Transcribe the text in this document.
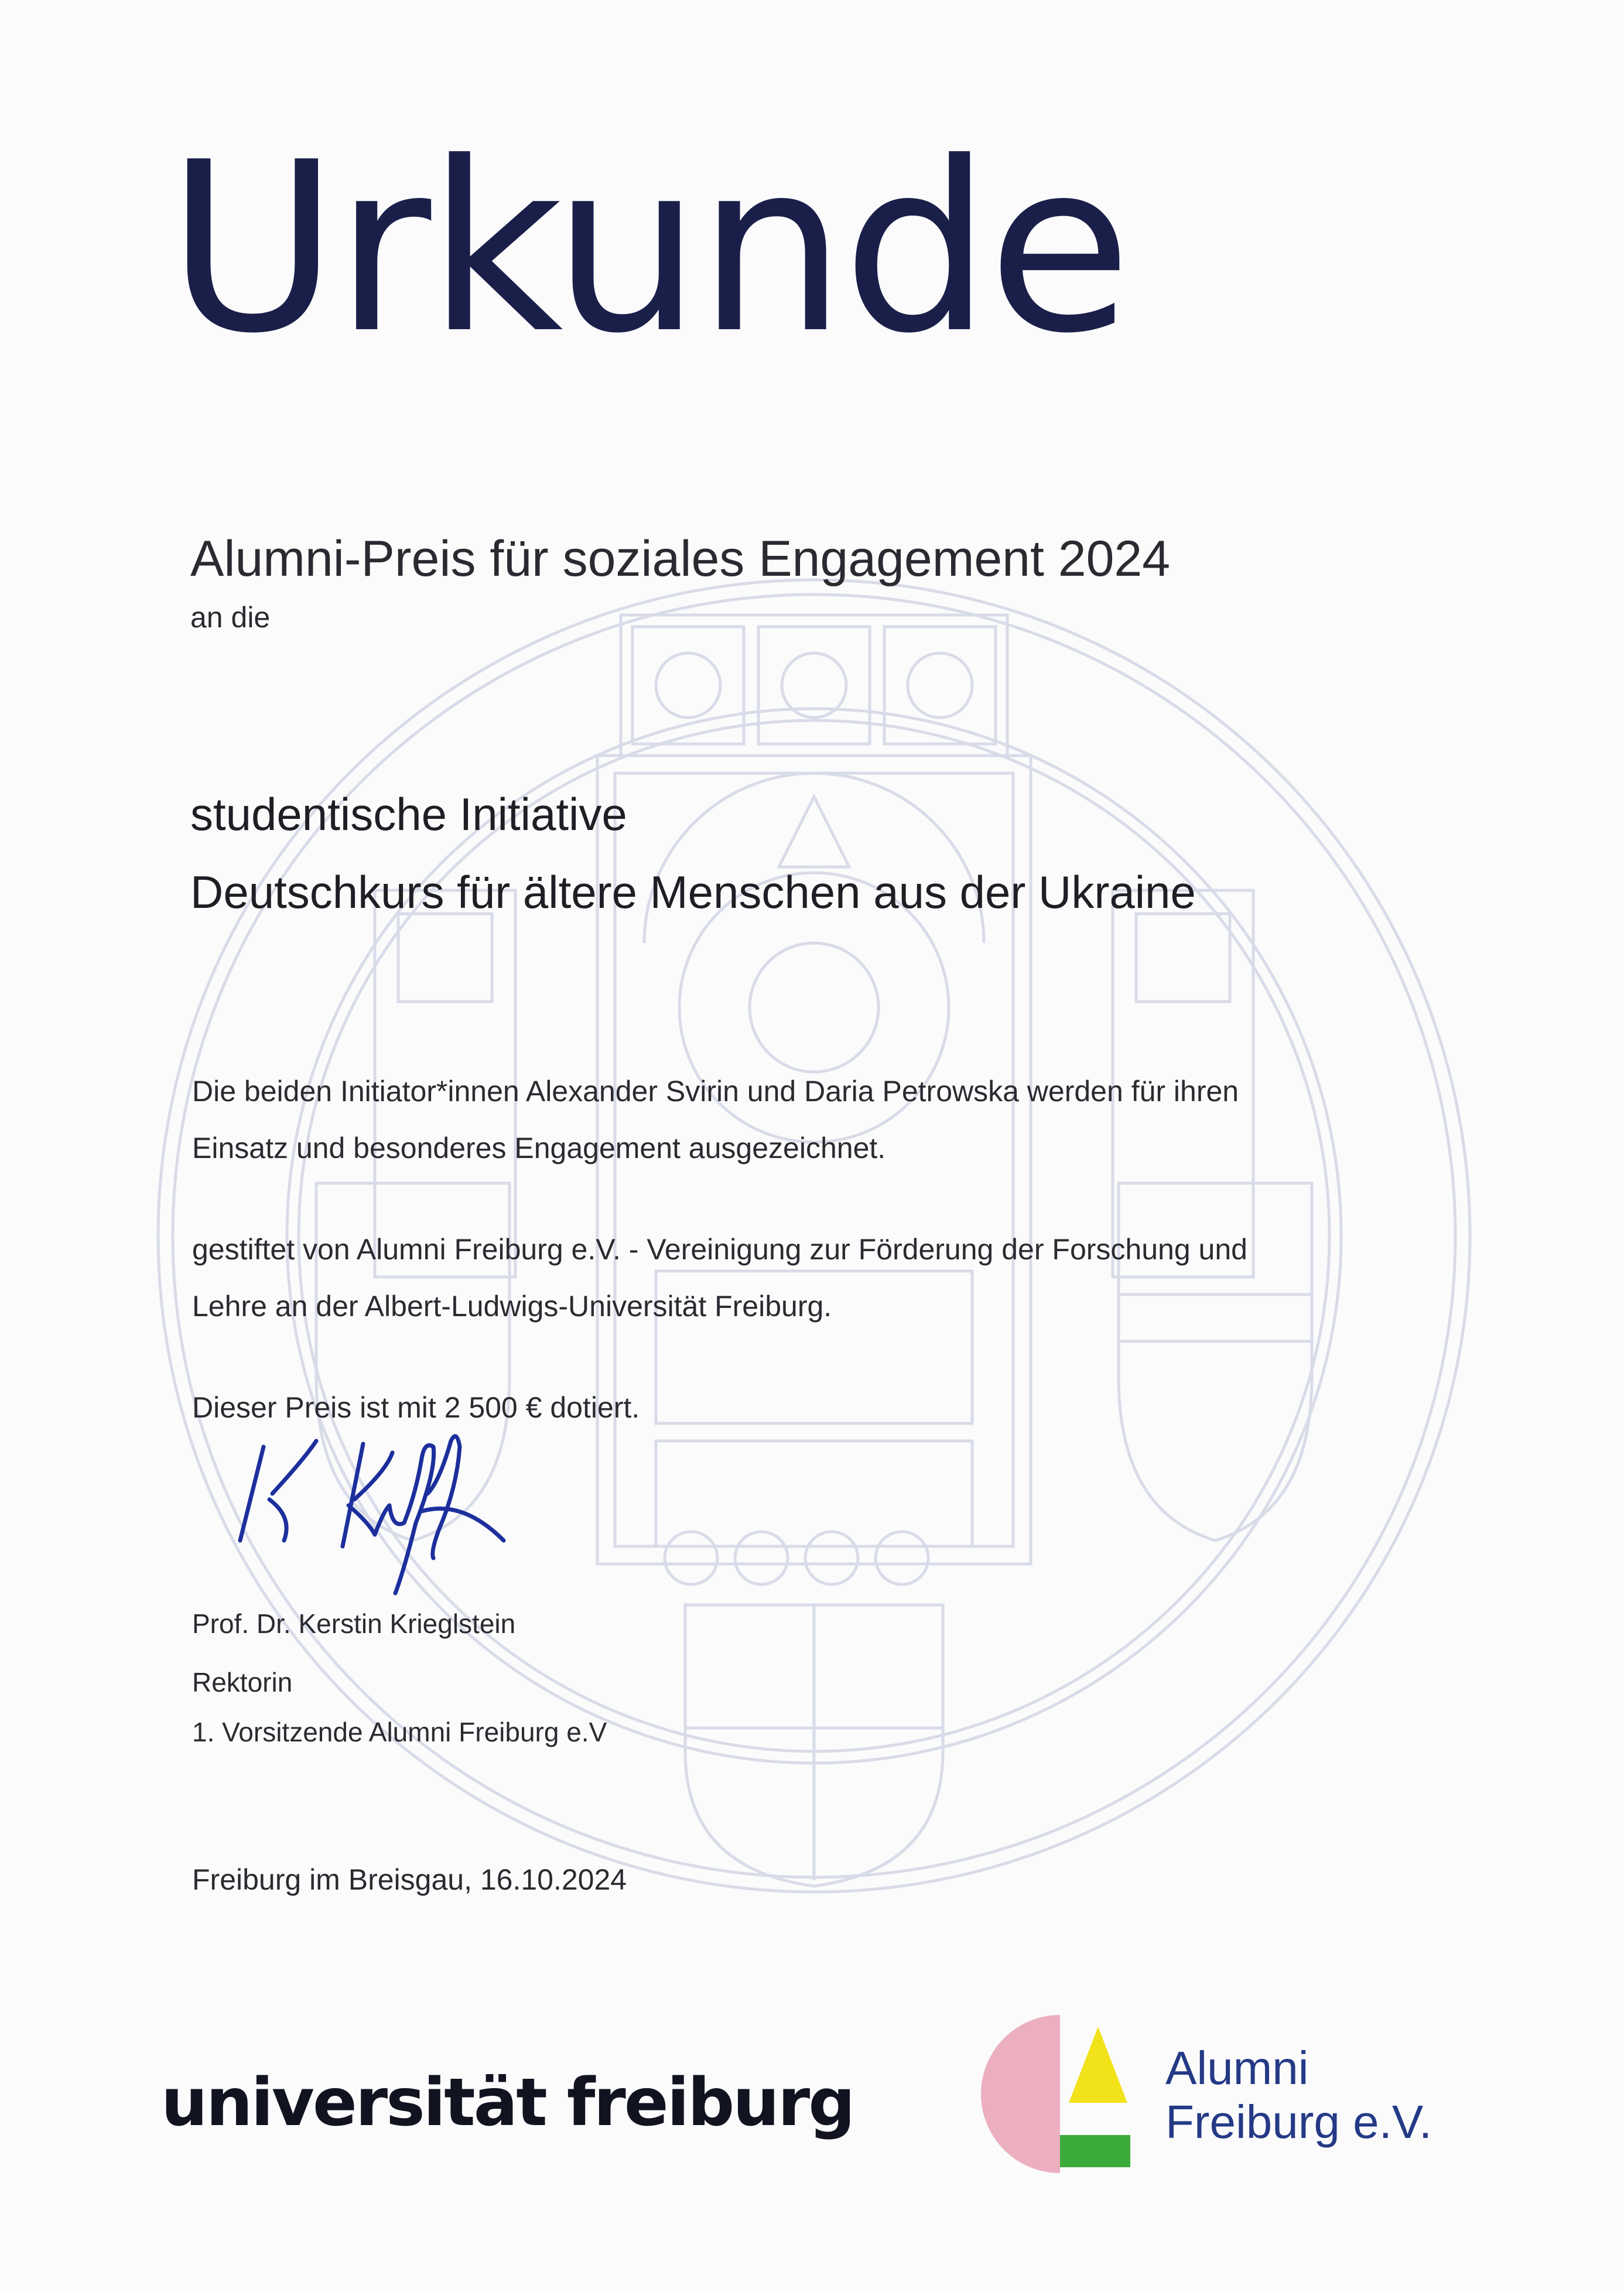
Urkunde
Alumni-Preis für soziales Engagement 2024
an die
studentische Initiative
Deutschkurs für ältere Menschen aus der Ukraine
Die beiden Initiator*innen Alexander Svirin und Daria Petrowska werden für ihren
Einsatz und besonderes Engagement ausgezeichnet.
gestiftet von Alumni Freiburg e.V. - Vereinigung zur Förderung der Forschung und
Lehre an der Albert-Ludwigs-Universität Freiburg.
Dieser Preis ist mit 2 500 € dotiert.
Prof. Dr. Kerstin Krieglstein
Rektorin
1. Vorsitzende Alumni Freiburg e.V
Freiburg im Breisgau, 16.10.2024
universität freiburg	Alumni
Freiburg e.V.
